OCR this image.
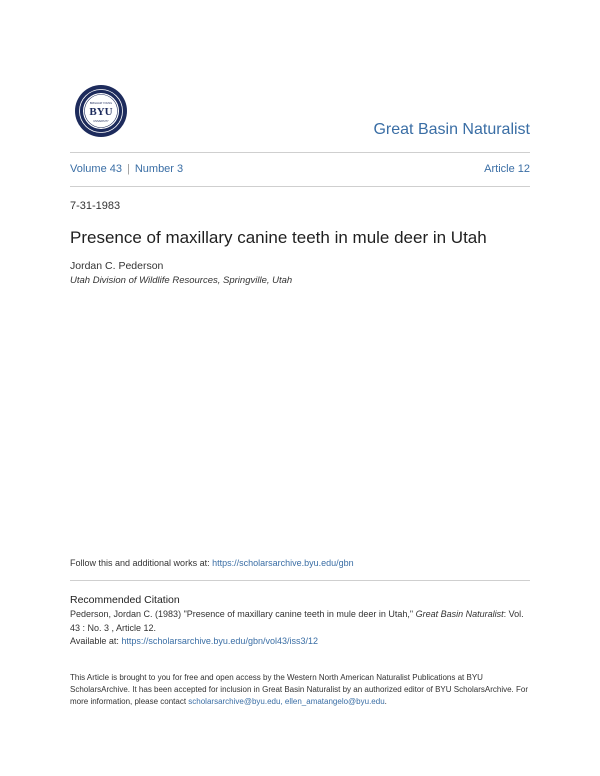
BYU
BRIGHAM YOUNG
UNIVERSITY	Great Basin Naturalist
Volume 43 | Number 3	Article 12
7-31-1983
Presence of maxillary canine teeth in mule deer in Utah
Jordan C. Pederson
Utah Division of Wildlife Resources, Springville, Utah
Follow this and additional works at: https://scholarsarchive.byu.edu/gbn
Recommended Citation
Pederson, Jordan C. (1983) "Presence of maxillary canine teeth in mule deer in Utah," Great Basin Naturalist: Vol. 43 : No. 3 , Article 12.
Available at: https://scholarsarchive.byu.edu/gbn/vol43/iss3/12
This Article is brought to you for free and open access by the Western North American Naturalist Publications at BYU ScholarsArchive. It has been accepted for inclusion in Great Basin Naturalist by an authorized editor of BYU ScholarsArchive. For more information, please contact scholarsarchive@byu.edu, ellen_amatangelo@byu.edu.
